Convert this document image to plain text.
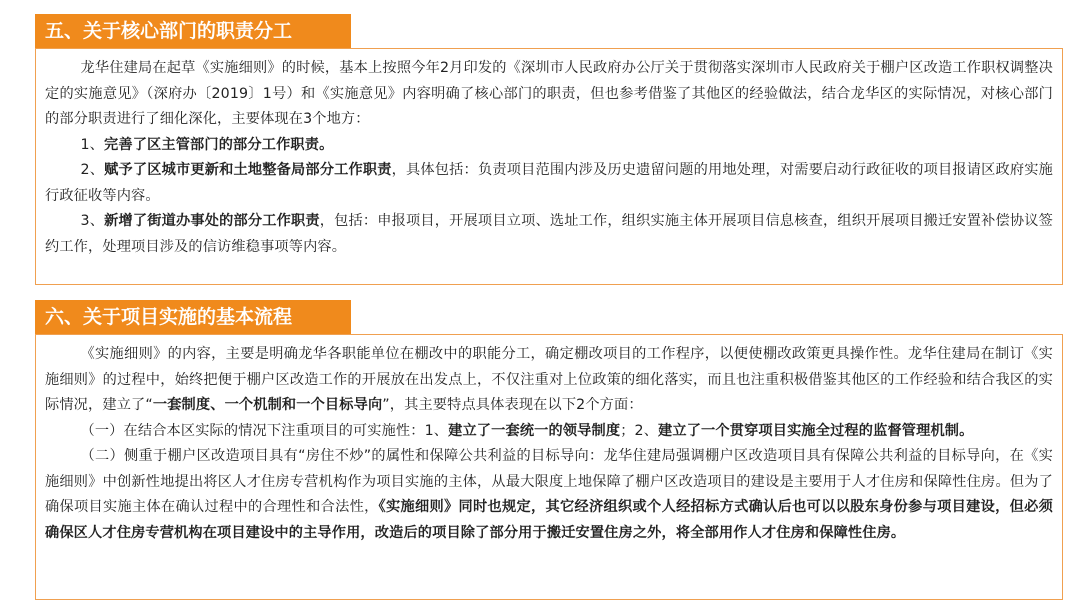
五、关于核心部门的职责分工

龙华住建局在起草《实施细则》的时候，基本上按照今年2月印发的《深圳市人民政府办公厅关于贯彻落实深圳市人民政府关于棚户区改造工作职权调整决定的实施意见》（深府办〔2019〕1号）和《实施意见》内容明确了核心部门的职责，但也参考借鉴了其他区的经验做法，结合龙华区的实际情况，对核心部门的部分职责进行了细化深化，主要体现在3个地方：

1、完善了区主管部门的部分工作职责。

2、赋予了区城市更新和土地整备局部分工作职责，具体包括：负责项目范围内涉及历史遗留问题的用地处理，对需要启动行政征收的项目报请区政府实施行政征收等内容。

3、新增了街道办事处的部分工作职责，包括：申报项目，开展项目立项、选址工作，组织实施主体开展项目信息核查，组织开展项目搬迁安置补偿协议签约工作，处理项目涉及的信访维稳事项等内容。

六、关于项目实施的基本流程

《实施细则》的内容，主要是明确龙华各职能单位在棚改中的职能分工，确定棚改项目的工作程序，以便使棚改政策更具操作性。龙华住建局在制订《实施细则》的过程中，始终把便于棚户区改造工作的开展放在出发点上，不仅注重对上位政策的细化落实，而且也注重积极借鉴其他区的工作经验和结合我区的实际情况，建立了“一套制度、一个机制和一个目标导向”，其主要特点具体表现在以下2个方面：

（一）在结合本区实际的情况下注重项目的可实施性：1、建立了一套统一的领导制度；2、建立了一个贯穿项目实施全过程的监督管理机制。

（二）侧重于棚户区改造项目具有“房住不炒”的属性和保障公共利益的目标导向：龙华住建局强调棚户区改造项目具有保障公共利益的目标导向，在《实施细则》中创新性地提出将区人才住房专营机构作为项目实施的主体，从最大限度上地保障了棚户区改造项目的建设是主要用于人才住房和保障性住房。但为了确保项目实施主体在确认过程中的合理性和合法性，《实施细则》同时也规定，其它经济组织或个人经招标方式确认后也可以以股东身份参与项目建设，但必须确保区人才住房专营机构在项目建设中的主导作用，改造后的项目除了部分用于搬迁安置住房之外，将全部用作人才住房和保障性住房。
